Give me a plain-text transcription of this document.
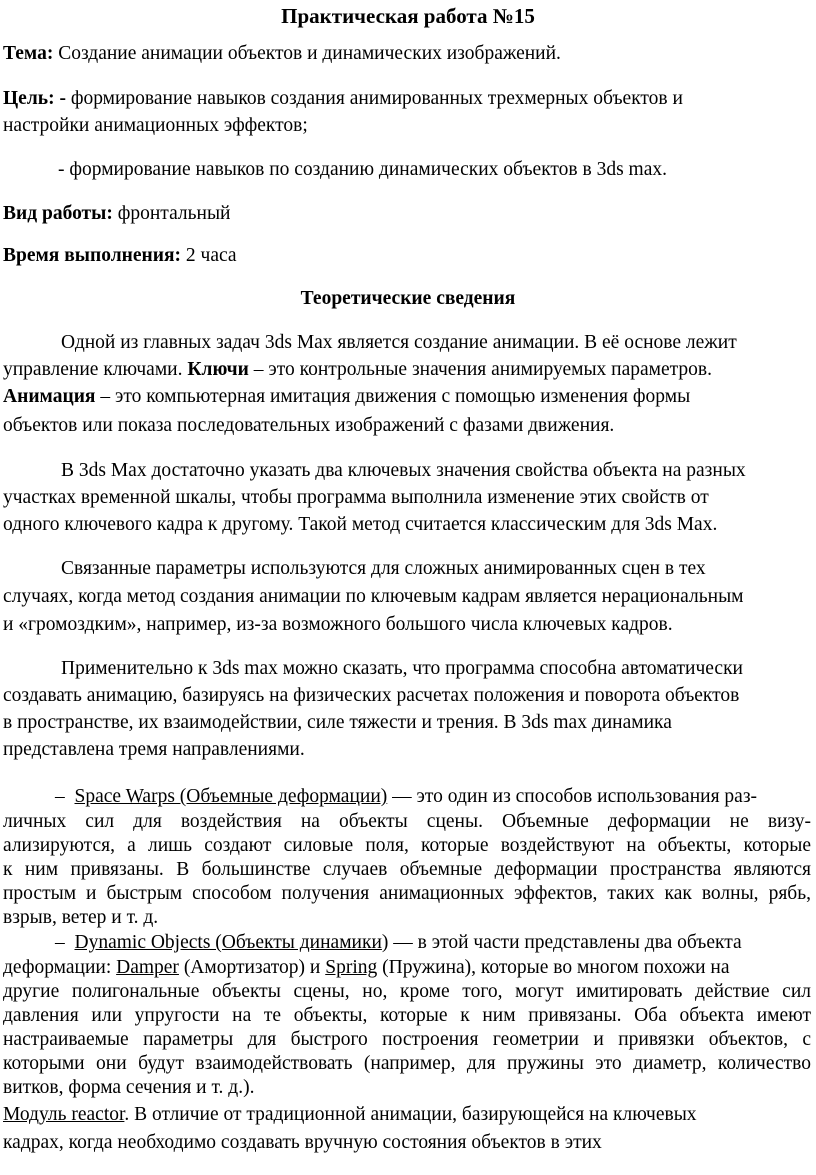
Практическая работа №15
Тема: Создание анимации объектов и динамических изображений.
Цель: - формирование навыков создания анимированных трехмерных объектов и
настройки анимационных эффектов;
- формирование навыков по созданию динамических объектов в 3ds max.
Вид работы: фронтальный
Время выполнения: 2 часа
Теоретические сведения
Одной из главных задач 3ds Max является создание анимации. В её основе лежит
управление ключами. Ключи – это контрольные значения анимируемых параметров.
Анимация – это компьютерная имитация движения с помощью изменения формы
объектов или показа последовательных изображений с фазами движения.
В 3ds Max достаточно указать два ключевых значения свойства объекта на разных
участках временной шкалы, чтобы программа выполнила изменение этих свойств от
одного ключевого кадра к другому. Такой метод считается классическим для 3ds Max.
Связанные параметры используются для сложных анимированных сцен в тех
случаях, когда метод создания анимации по ключевым кадрам является нерациональным
и «громоздким», например, из-за возможного большого числа ключевых кадров.
Применительно к 3ds max можно сказать, что программа способна автоматически
создавать анимацию, базируясь на физических расчетах положения и поворота объектов
в пространстве, их взаимодействии, силе тяжести и трения. В 3ds max динамика
представлена тремя направлениями.
– Space Warps (Объемные деформации) — это один из способов использования раз-
личных сил для воздействия на объекты сцены. Объемные деформации не визу-
ализируются, а лишь создают силовые поля, которые воздействуют на объекты, которые
к ним привязаны. В большинстве случаев объемные деформации пространства являются
простым и быстрым способом получения анимационных эффектов, таких как волны, рябь,
взрыв, ветер и т. д.
– Dynamic Objects (Объекты динамики) — в этой части представлены два объекта
деформации: Damper (Амортизатор) и Spring (Пружина), которые во многом похожи на
другие полигональные объекты сцены, но, кроме того, могут имитировать действие сил
давления или упругости на те объекты, которые к ним привязаны. Оба объекта имеют
настраиваемые параметры для быстрого построения геометрии и привязки объектов, с
которыми они будут взаимодействовать (например, для пружины это диаметр, количество
витков, форма сечения и т. д.).
Модуль reactor. В отличие от традиционной анимации, базирующейся на ключевых
кадрах, когда необходимо создавать вручную состояния объектов в этих
